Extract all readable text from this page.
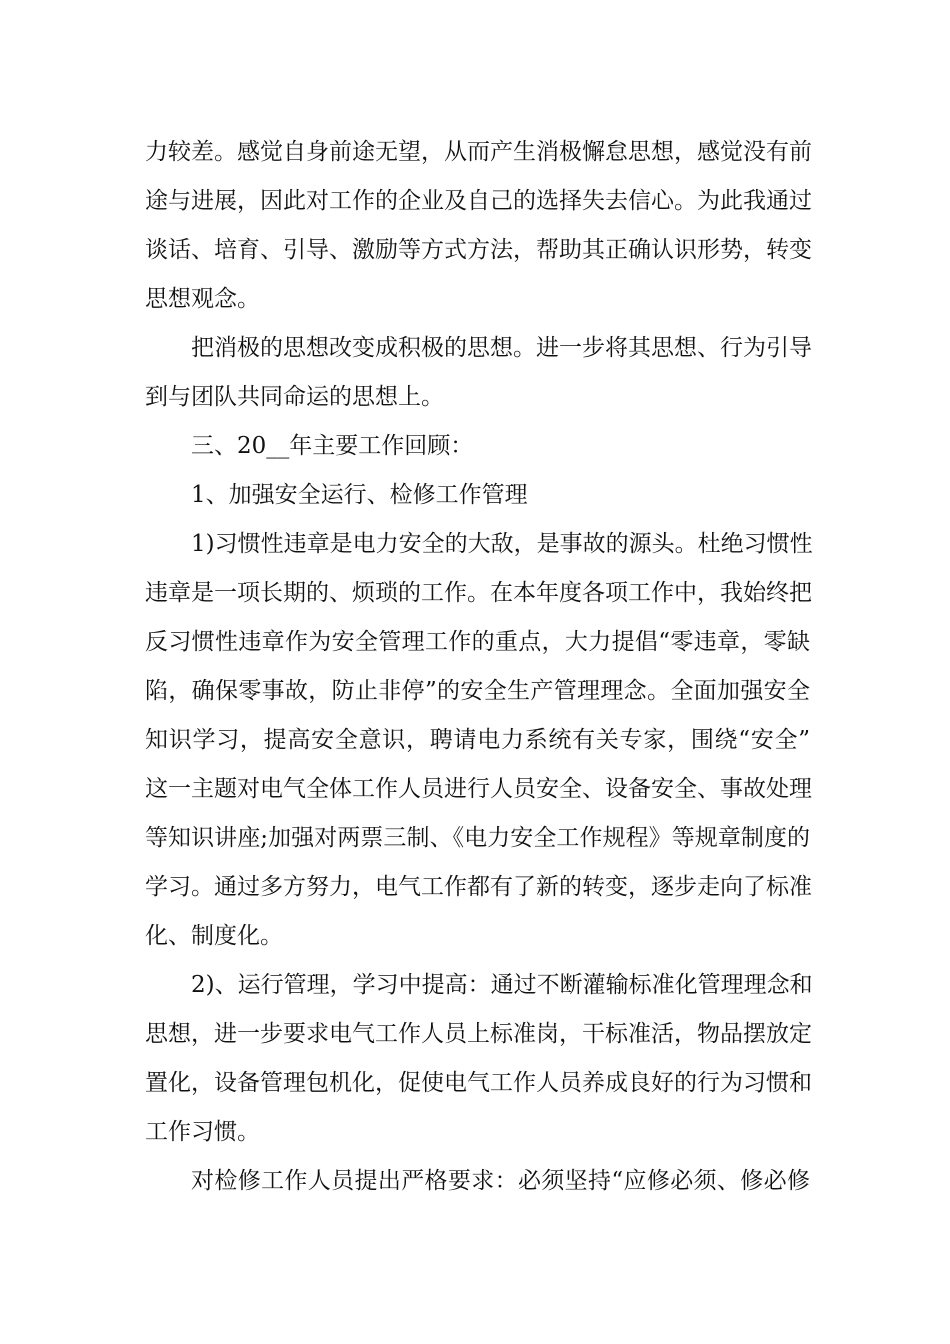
力较差。感觉自身前途无望，从而产生消极懈怠思想，感觉没有前
途与进展，因此对工作的企业及自己的选择失去信心。为此我通过
谈话、培育、引导、激励等方式方法，帮助其正确认识形势，转变
思想观念。
把消极的思想改变成积极的思想。进一步将其思想、行为引导
到与团队共同命运的思想上。
三、20__年主要工作回顾：
1、加强安全运行、检修工作管理
1)习惯性违章是电力安全的大敌，是事故的源头。杜绝习惯性
违章是一项长期的、烦琐的工作。在本年度各项工作中，我始终把
反习惯性违章作为安全管理工作的重点，大力提倡“零违章，零缺
陷，确保零事故，防止非停”的安全生产管理理念。全面加强安全
知识学习，提高安全意识，聘请电力系统有关专家，围绕“安全”
这一主题对电气全体工作人员进行人员安全、设备安全、事故处理
等知识讲座;加强对两票三制、《电力安全工作规程》等规章制度的
学习。通过多方努力，电气工作都有了新的转变，逐步走向了标准
化、制度化。
2)、运行管理，学习中提高：通过不断灌输标准化管理理念和
思想，进一步要求电气工作人员上标准岗，干标准活，物品摆放定
置化，设备管理包机化，促使电气工作人员养成良好的行为习惯和
工作习惯。
对检修工作人员提出严格要求：必须坚持“应修必须、修必修
